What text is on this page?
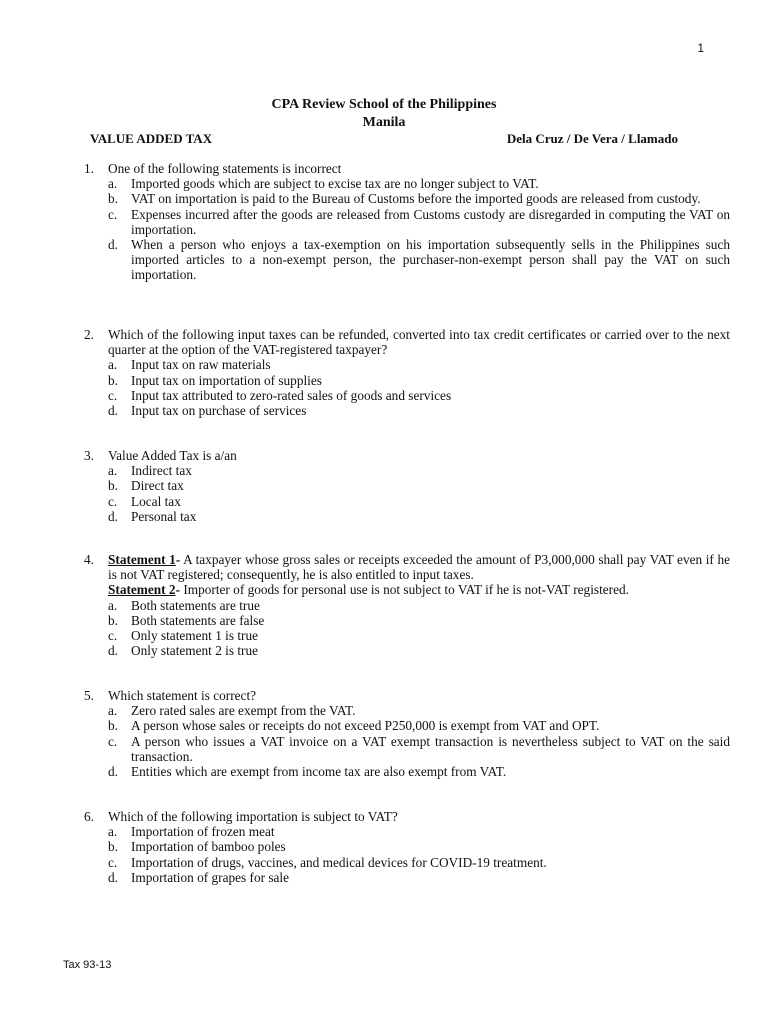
1
CPA Review School of the Philippines
Manila
VALUE ADDED TAX	Dela Cruz / De Vera / Llamado
1. One of the following statements is incorrect
a. Imported goods which are subject to excise tax are no longer subject to VAT.
b. VAT on importation is paid to the Bureau of Customs before the imported goods are released from custody.
c. Expenses incurred after the goods are released from Customs custody are disregarded in computing the VAT on importation.
d. When a person who enjoys a tax-exemption on his importation subsequently sells in the Philippines such imported articles to a non-exempt person, the purchaser-non-exempt person shall pay the VAT on such importation.
2. Which of the following input taxes can be refunded, converted into tax credit certificates or carried over to the next quarter at the option of the VAT-registered taxpayer?
a. Input tax on raw materials
b. Input tax on importation of supplies
c. Input tax attributed to zero-rated sales of goods and services
d. Input tax on purchase of services
3. Value Added Tax is a/an
a. Indirect tax
b. Direct tax
c. Local tax
d. Personal tax
4. Statement 1- A taxpayer whose gross sales or receipts exceeded the amount of P3,000,000 shall pay VAT even if he is not VAT registered; consequently, he is also entitled to input taxes.
Statement 2- Importer of goods for personal use is not subject to VAT if he is not-VAT registered.
a. Both statements are true
b. Both statements are false
c. Only statement 1 is true
d. Only statement 2 is true
5. Which statement is correct?
a. Zero rated sales are exempt from the VAT.
b. A person whose sales or receipts do not exceed P250,000 is exempt from VAT and OPT.
c. A person who issues a VAT invoice on a VAT exempt transaction is nevertheless subject to VAT on the said transaction.
d. Entities which are exempt from income tax are also exempt from VAT.
6. Which of the following importation is subject to VAT?
a. Importation of frozen meat
b. Importation of bamboo poles
c. Importation of drugs, vaccines, and medical devices for COVID-19 treatment.
d. Importation of grapes for sale
Tax 93-13
